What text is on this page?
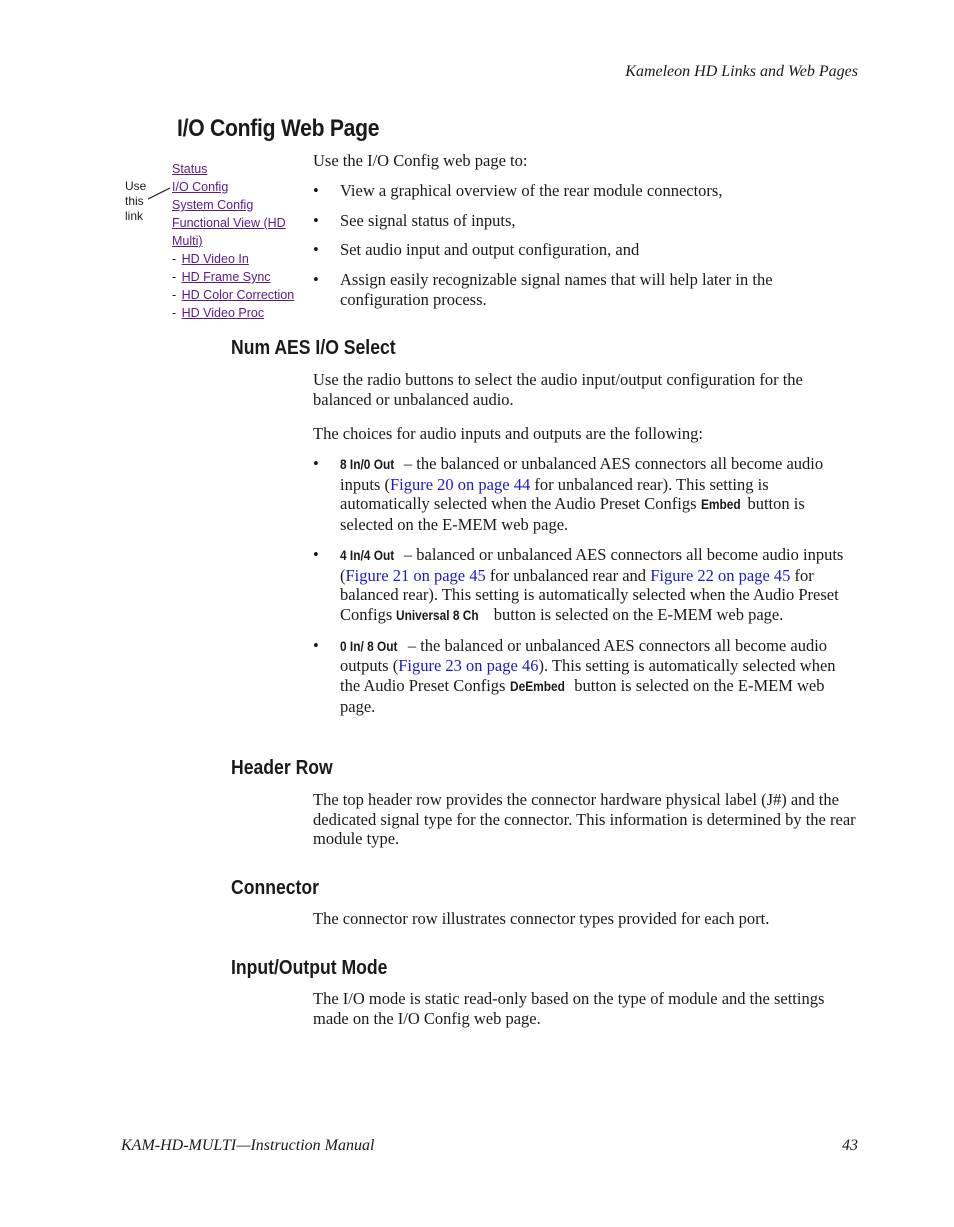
Kameleon HD Links and Web Pages
I/O Config Web Page
Use
this
link
Status
I/O Config
System Config
Functional View (HD Multi)
- HD Video In
- HD Frame Sync
- HD Color Correction
- HD Video Proc

Use the I/O Config web page to:

• View a graphical overview of the rear module connectors,
• See signal status of inputs,
• Set audio input and output configuration, and
• Assign easily recognizable signal names that will help later in the configuration process.
Num AES I/O Select

Use the radio buttons to select the audio input/output configuration for the balanced or unbalanced audio.

The choices for audio inputs and outputs are the following:

• 8 In/0 Out – the balanced or unbalanced AES connectors all become audio inputs (Figure 20 on page 44 for unbalanced rear). This setting is automatically selected when the Audio Preset Configs Embed button is selected on the E-MEM web page.
• 4 In/4 Out – balanced or unbalanced AES connectors all become audio inputs (Figure 21 on page 45 for unbalanced rear and Figure 22 on page 45 for balanced rear). This setting is automatically selected when the Audio Preset Configs Universal 8 Ch button is selected on the E-MEM web page.
• 0 In/ 8 Out – the balanced or unbalanced AES connectors all become audio outputs (Figure 23 on page 46). This setting is automatically selected when the Audio Preset Configs DeEmbed button is selected on the E-MEM web page.
Header Row

The top header row provides the connector hardware physical label (J#) and the dedicated signal type for the connector. This information is determined by the rear module type.

Connector

The connector row illustrates connector types provided for each port.

Input/Output Mode

The I/O mode is static read-only based on the type of module and the settings made on the I/O Config web page.

KAM-HD-MULTI—Instruction Manual	43
